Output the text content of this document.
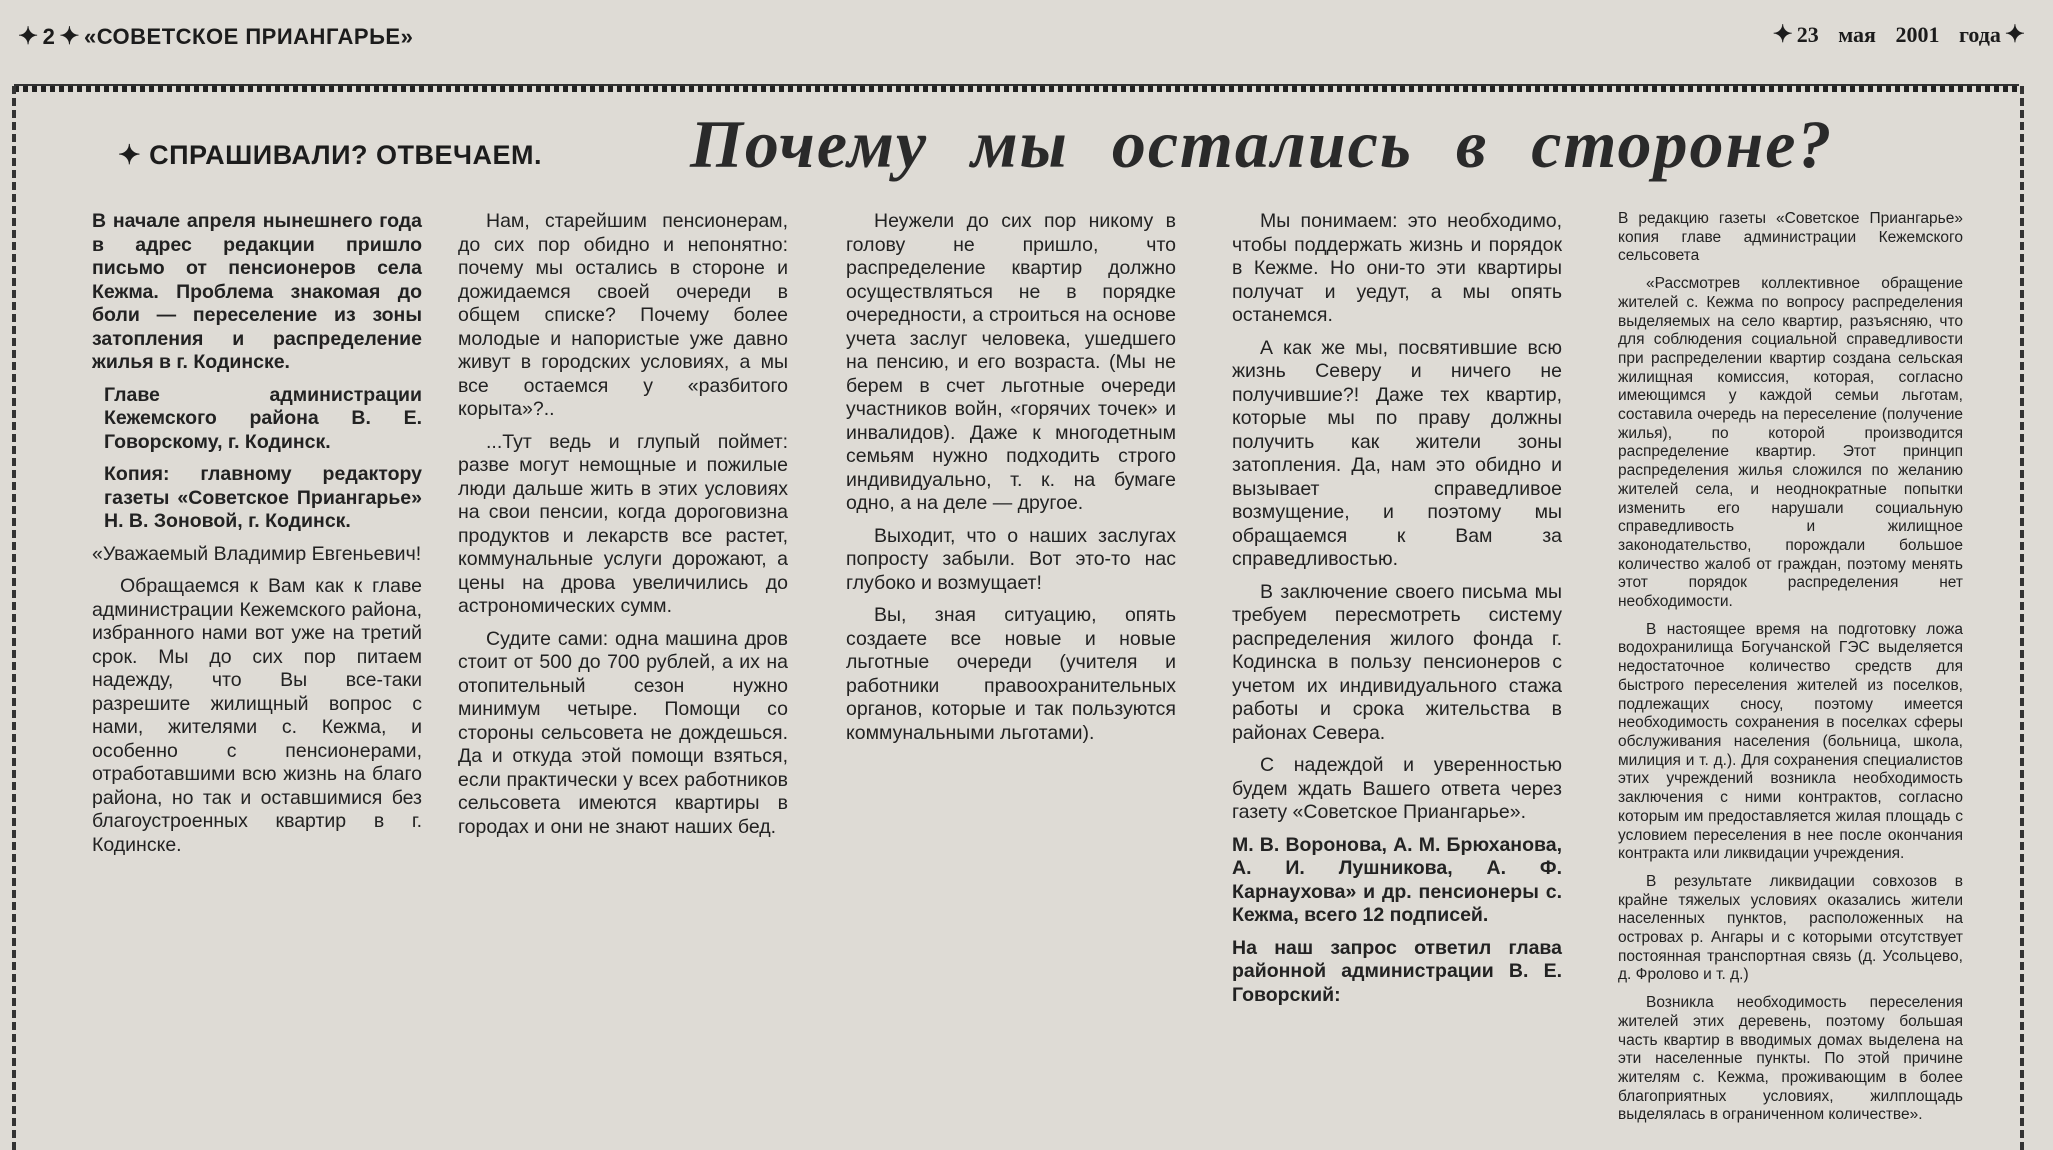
✦ 2 ✦ «СОВЕТСКОЕ ПРИАНГАРЬЕ»	✦ 23 мая 2001 года ✦
✦ СПРАШИВАЛИ? ОТВЕЧАЕМ. Почему мы остались в стороне?

В начале апреля нынешнего года в адрес редакции пришло письмо от пенсионеров села Кежма. Проблема знакомая до боли — переселение из зоны затопления и распределение жилья в г. Кодинске.

Главе администрации Кежемского района В. Е. Говорскому, г. Кодинск.

Копия: главному редактору газеты «Советское Приангарье» Н. В. Зоновой, г. Кодинск.

«Уважаемый Владимир Евгеньевич!

Обращаемся к Вам как к главе администрации Кежемского района, избранного нами вот уже на третий срок. Мы до сих пор питаем надежду, что Вы все-таки разрешите жилищный вопрос с нами, жителями с. Кежма, и особенно с пенсионерами, отработавшими всю жизнь на благо района, но так и оставшимися без благоустроенных квартир в г. Кодинске.

Нам, старейшим пенсионерам, до сих пор обидно и непонятно: почему мы остались в стороне и дожидаемся своей очереди в общем списке? Почему более молодые и напористые уже давно живут в городских условиях, а мы все остаемся у «разбитого корыта»?..

...Тут ведь и глупый поймет: разве могут немощные и пожилые люди дальше жить в этих условиях на свои пенсии, когда дороговизна продуктов и лекарств все растет, коммунальные услуги дорожают, а цены на дрова увеличились до астрономических сумм.

Судите сами: одна машина дров стоит от 500 до 700 рублей, а их на отопительный сезон нужно минимум четыре. Помощи со стороны сельсовета не дождешься. Да и откуда этой помощи взяться, если практически у всех работников сельсовета имеются квартиры в городах и они не знают наших бед.

Неужели до сих пор никому в голову не пришло, что распределение квартир должно осуществляться не в порядке очередности, а строиться на основе учета заслуг человека, ушедшего на пенсию, и его возраста. (Мы не берем в счет льготные очереди участников войн, «горячих точек» и инвалидов). Даже к многодетным семьям нужно подходить строго индивидуально, т. к. на бумаге одно, а на деле — другое.

Выходит, что о наших заслугах попросту забыли. Вот это-то нас глубоко и возмущает!

Вы, зная ситуацию, опять создаете все новые и новые льготные очереди (учителя и работники правоохранительных органов, которые и так пользуются коммунальными льготами).

Мы понимаем: это необходимо, чтобы поддержать жизнь и порядок в Кежме. Но они-то эти квартиры получат и уедут, а мы опять останемся.

А как же мы, посвятившие всю жизнь Северу и ничего не получившие?! Даже тех квартир, которые мы по праву должны получить как жители зоны затопления. Да, нам это обидно и вызывает справедливое возмущение, и поэтому мы обращаемся к Вам за справедливостью.

В заключение своего письма мы требуем пересмотреть систему распределения жилого фонда г. Кодинска в пользу пенсионеров с учетом их индивидуального стажа работы и срока жительства в районах Севера.

С надеждой и уверенностью будем ждать Вашего ответа через газету «Советское Приангарье».

М. В. Воронова, А. М. Брюханова, А. И. Лушникова, А. Ф. Карнаухова» и др. пенсионеры с. Кежма, всего 12 подписей.

На наш запрос ответил глава районной администрации В. Е. Говорский:

В редакцию газеты «Советское Приангарье» копия главе администрации Кежемского сельсовета

«Рассмотрев коллективное обращение жителей с. Кежма по вопросу распределения выделяемых на село квартир, разъясняю, что для соблюдения социальной справедливости при распределении квартир создана сельская жилищная комиссия, которая, согласно имеющимся у каждой семьи льготам, составила очередь на переселение (получение жилья), по которой производится распределение квартир. Этот принцип распределения жилья сложился по желанию жителей села, и неоднократные попытки изменить его нарушали социальную справедливость и жилищное законодательство, порождали большое количество жалоб от граждан, поэтому менять этот порядок распределения нет необходимости.

В настоящее время на подготовку ложа водохранилища Богучанской ГЭС выделяется недостаточное количество средств для быстрого переселения жителей из поселков, подлежащих сносу, поэтому имеется необходимость сохранения в поселках сферы обслуживания населения (больница, школа, милиция и т. д.). Для сохранения специалистов этих учреждений возникла необходимость заключения с ними контрактов, согласно которым им предоставляется жилая площадь с условием переселения в нее после окончания контракта или ликвидации учреждения.

В результате ликвидации совхозов в крайне тяжелых условиях оказались жители населенных пунктов, расположенных на островах р. Ангары и с которыми отсутствует постоянная транспортная связь (д. Усольцево, д. Фролово и т. д.)

Возникла необходимость переселения жителей этих деревень, поэтому большая часть квартир в вводимых домах выделена на эти населенные пункты. По этой причине жителям с. Кежма, проживающим в более благоприятных условиях, жилплощадь выделялась в ограниченном количестве».
